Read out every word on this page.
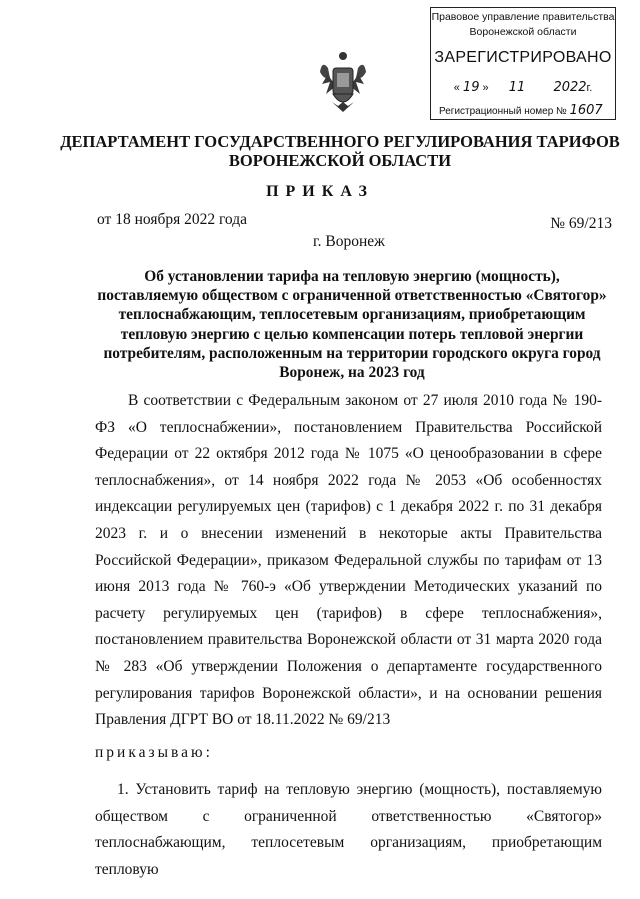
Правовое управление правительства
Воронежской области
ЗАРЕГИСТРИРОВАНО
« 19 »  11 2022г.
Регистрационный номер № 1607
ДЕПАРТАМЕНТ ГОСУДАРСТВЕННОГО РЕГУЛИРОВАНИЯ ТАРИФОВ ВОРОНЕЖСКОЙ ОБЛАСТИ
ПРИКАЗ
от 18 ноября 2022 года	№ 69/213
г. Воронеж
Об установлении тарифа на тепловую энергию (мощность), поставляемую обществом с ограниченной ответственностью «Святогор» теплоснабжающим, теплосетевым организациям, приобретающим тепловую энергию с целью компенсации потерь тепловой энергии потребителям, расположенным на территории городского округа город Воронеж, на 2023 год
В соответствии с Федеральным законом от 27 июля 2010 года № 190-ФЗ «О теплоснабжении», постановлением Правительства Российской Федерации от 22 октября 2012 года № 1075 «О ценообразовании в сфере теплоснабжения», от 14 ноября 2022 года № 2053 «Об особенностях индексации регулируемых цен (тарифов) с 1 декабря 2022 г. по 31 декабря 2023 г. и о внесении изменений в некоторые акты Правительства Российской Федерации», приказом Федеральной службы по тарифам от 13 июня 2013 года № 760-э «Об утверждении Методических указаний по расчету регулируемых цен (тарифов) в сфере теплоснабжения», постановлением правительства Воронежской области от 31 марта 2020 года № 283 «Об утверждении Положения о департаменте государственного регулирования тарифов Воронежской области», и на основании решения Правления ДГРТ ВО от 18.11.2022 № 69/213
приказываю:
1. Установить тариф на тепловую энергию (мощность), поставляемую обществом с ограниченной ответственностью «Святогор» теплоснабжающим, теплосетевым организациям, приобретающим тепловую
